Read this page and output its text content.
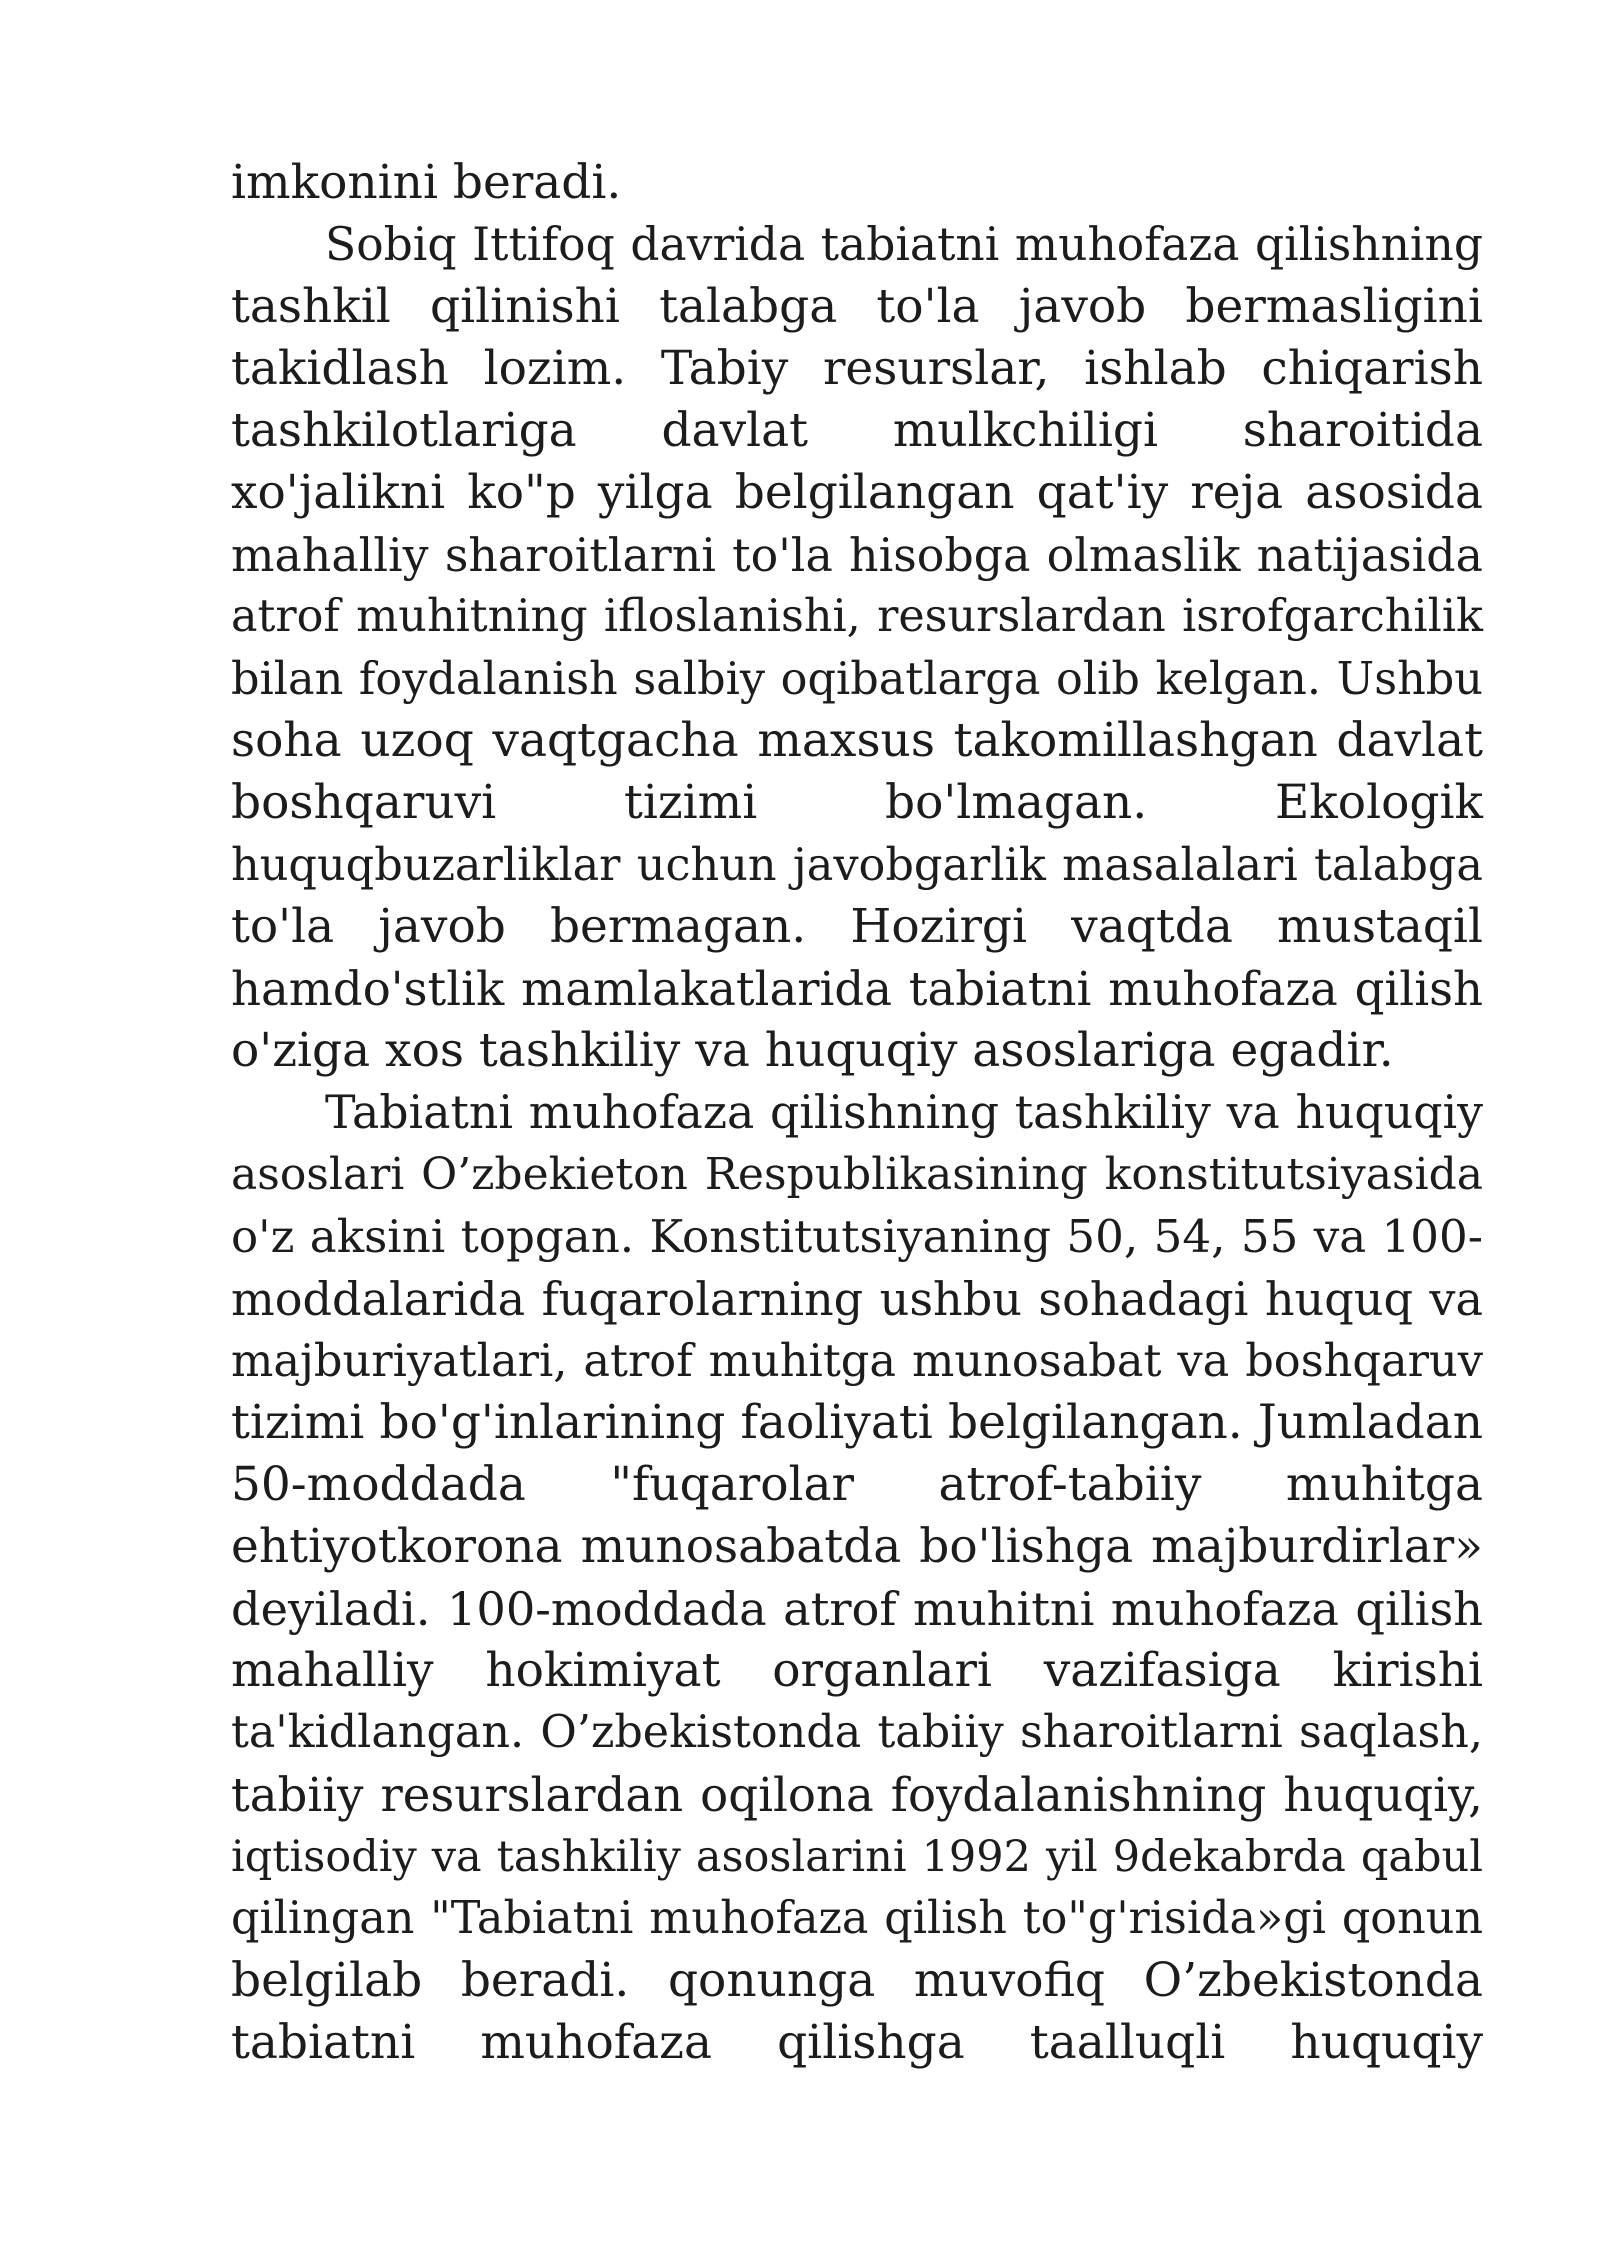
imkonini beradi.
Sobiq Ittifoq davrida tabiatni muhofaza qilishning
tashkil qilinishi talabga to'la javob bermasligini
takidlash lozim. Tabiy resurslar, ishlab chiqarish
tashkilotlariga davlat mulkchiligi sharoitida
xo'jalikni ko"p yilga belgilangan qat'iy reja asosida
mahalliy sharoitlarni to'la hisobga olmaslik natijasida
atrof muhitning ifloslanishi, resurslardan isrofgarchilik
bilan foydalanish salbiy oqibatlarga olib kelgan. Ushbu
soha uzoq vaqtgacha maxsus takomillashgan davlat
boshqaruvi tizimi bo'lmagan. Ekologik
huquqbuzarliklar uchun javobgarlik masalalari talabga
to'la javob bermagan. Hozirgi vaqtda mustaqil
hamdo'stlik mamlakatlarida tabiatni muhofaza qilish
o'ziga xos tashkiliy va huquqiy asoslariga egadir.
Tabiatni muhofaza qilishning tashkiliy va huquqiy
asoslari O’zbekieton Respublikasining konstitutsiyasida
o'z aksini topgan. Konstitutsiyaning 50, 54, 55 va 100-
moddalarida fuqarolarning ushbu sohadagi huquq va
majburiyatlari, atrof muhitga munosabat va boshqaruv
tizimi bo'g'inlarining faoliyati belgilangan. Jumladan
50-moddada "fuqarolar atrof-tabiiy muhitga
ehtiyotkorona munosabatda bo'lishga majburdirlar»
deyiladi. 100-moddada atrof muhitni muhofaza qilish
mahalliy hokimiyat organlari vazifasiga kirishi
ta'kidlangan. O’zbekistonda tabiiy sharoitlarni saqlash,
tabiiy resurslardan oqilona foydalanishning huquqiy,
iqtisodiy va tashkiliy asoslarini 1992 yil 9dekabrda qabul
qilingan "Tabiatni muhofaza qilish to"g'risida»gi qonun
belgilab beradi. qonunga muvofiq O’zbekistonda
tabiatni muhofaza qilishga taalluqli huquqiy
